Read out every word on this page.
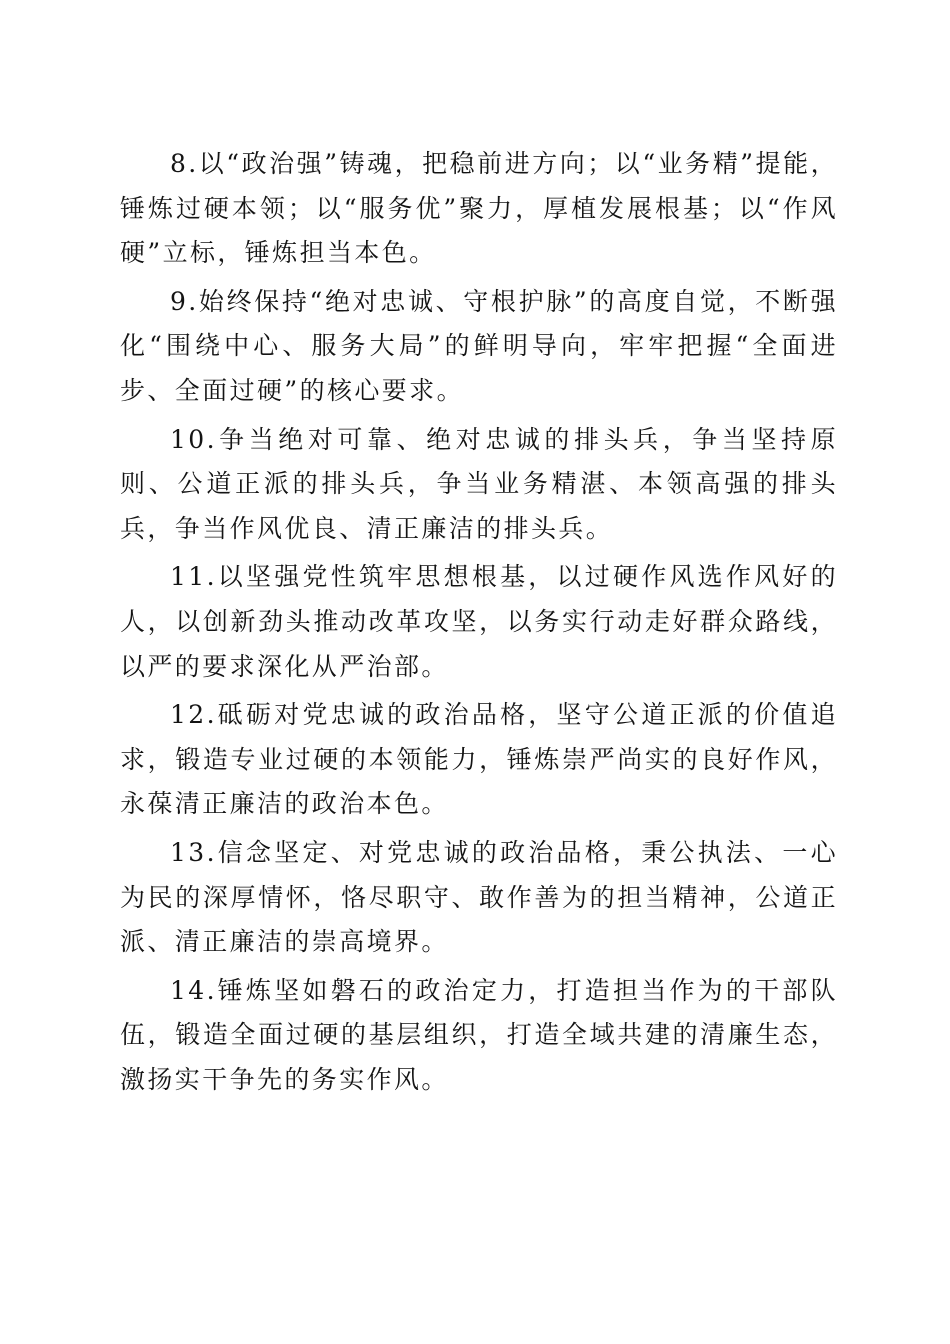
8.以“政治强”铸魂，把稳前进方向；以“业务精”提能，锤炼过硬本领；以“服务优”聚力，厚植发展根基；以“作风硬”立标，锤炼担当本色。

9.始终保持“绝对忠诚、守根护脉”的高度自觉，不断强化“围绕中心、服务大局”的鲜明导向，牢牢把握“全面进步、全面过硬”的核心要求。

10.争当绝对可靠、绝对忠诚的排头兵，争当坚持原则、公道正派的排头兵，争当业务精湛、本领高强的排头兵，争当作风优良、清正廉洁的排头兵。

11.以坚强党性筑牢思想根基，以过硬作风选作风好的人，以创新劲头推动改革攻坚，以务实行动走好群众路线，以严的要求深化从严治部。

12.砥砺对党忠诚的政治品格，坚守公道正派的价值追求，锻造专业过硬的本领能力，锤炼崇严尚实的良好作风，永葆清正廉洁的政治本色。

13.信念坚定、对党忠诚的政治品格，秉公执法、一心为民的深厚情怀，恪尽职守、敢作善为的担当精神，公道正派、清正廉洁的崇高境界。

14.锤炼坚如磐石的政治定力，打造担当作为的干部队伍，锻造全面过硬的基层组织，打造全域共建的清廉生态，激扬实干争先的务实作风。
